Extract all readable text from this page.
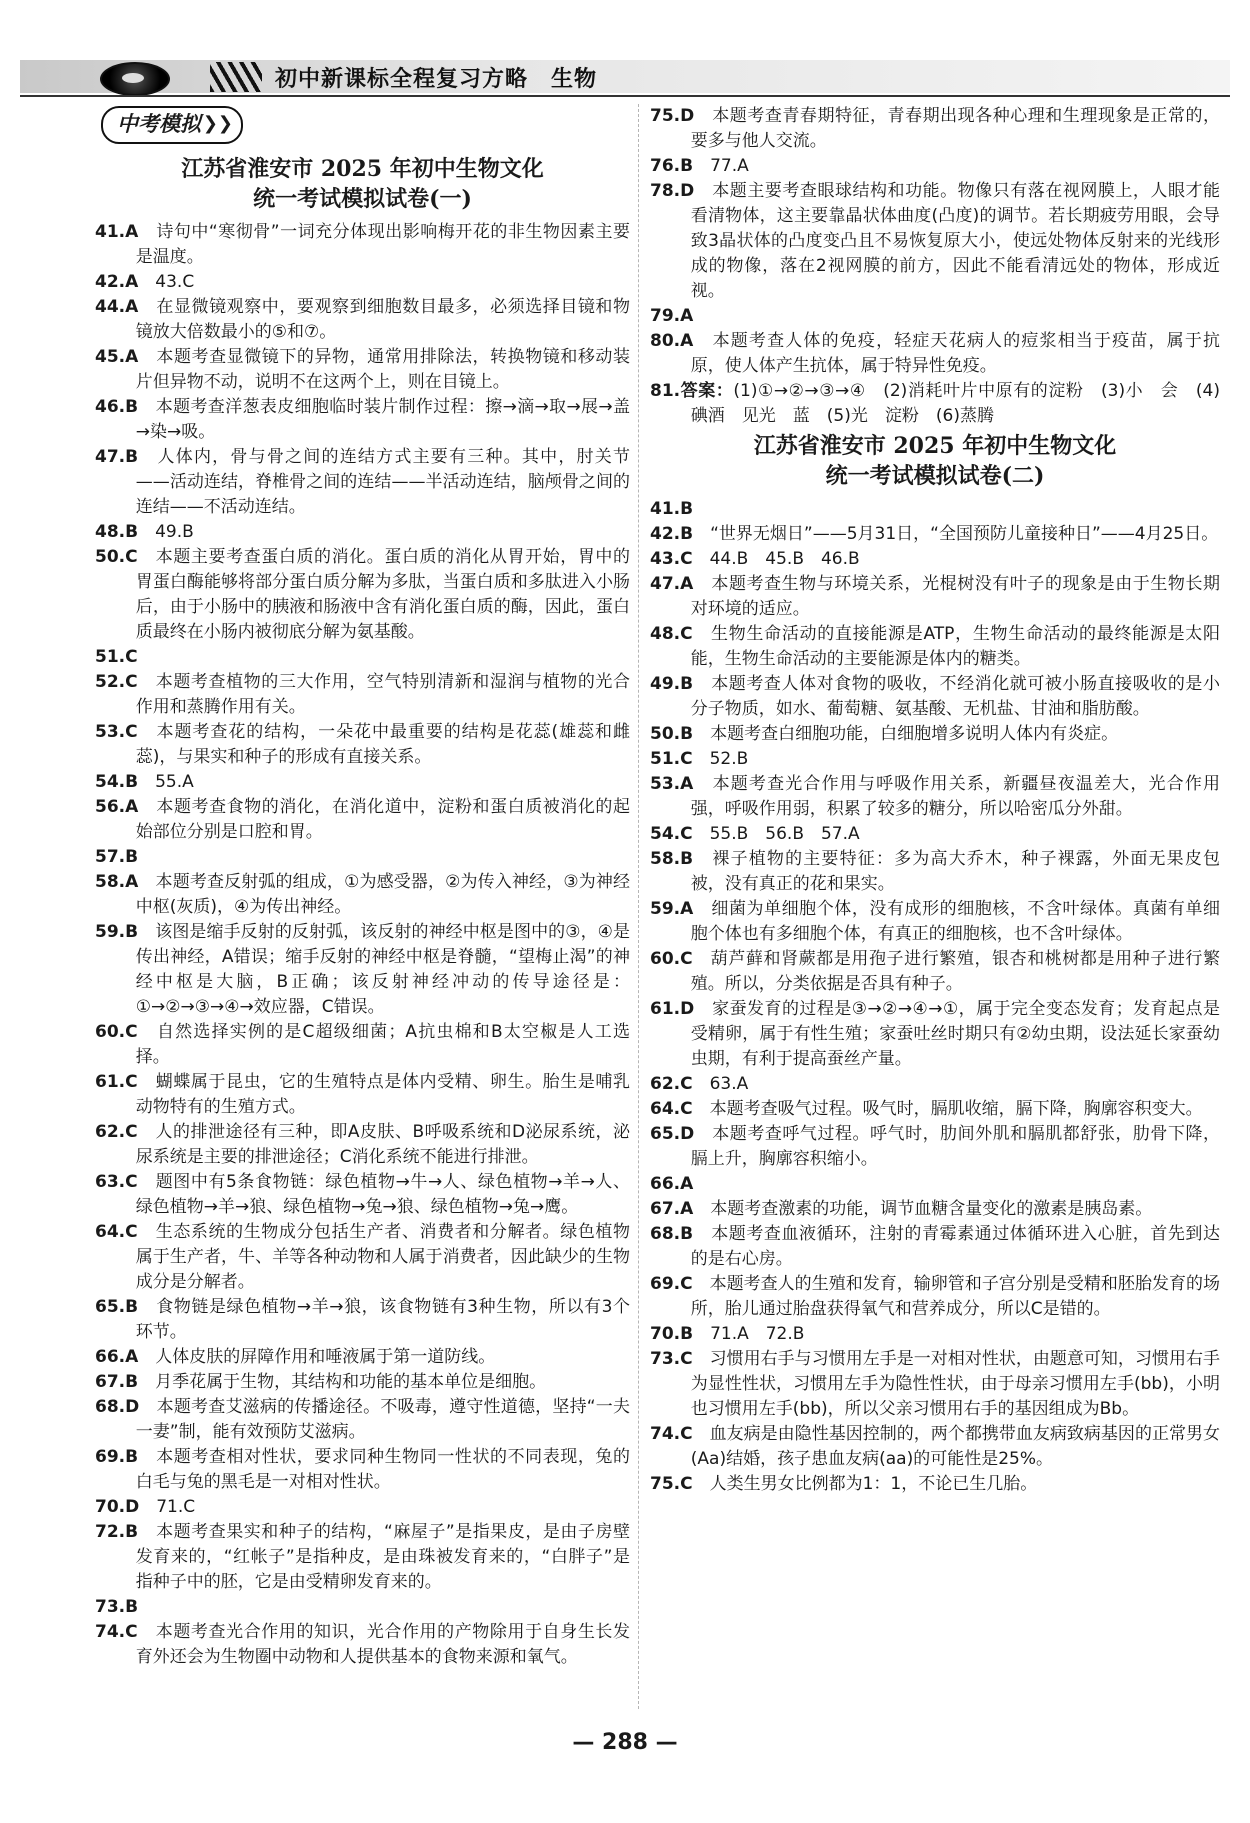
初中新课标全程复习方略　生物
中考模拟 ❯❯
江苏省淮安市 2025 年初中生物文化
统一考试模拟试卷(一)
41.A　诗句中“寒彻骨”一词充分体现出影响梅开花的非生物因素主要是温度。
42.A　43.C
44.A　在显微镜观察中，要观察到细胞数目最多，必须选择目镜和物镜放大倍数最小的⑤和⑦。
45.A　本题考查显微镜下的异物，通常用排除法，转换物镜和移动装片但异物不动，说明不在这两个上，则在目镜上。
46.B　本题考查洋葱表皮细胞临时装片制作过程：擦→滴→取→展→盖→染→吸。
47.B　人体内，骨与骨之间的连结方式主要有三种。其中，肘关节——活动连结，脊椎骨之间的连结——半活动连结，脑颅骨之间的连结——不活动连结。
48.B　49.B
50.C　本题主要考查蛋白质的消化。蛋白质的消化从胃开始，胃中的胃蛋白酶能够将部分蛋白质分解为多肽，当蛋白质和多肽进入小肠后，由于小肠中的胰液和肠液中含有消化蛋白质的酶，因此，蛋白质最终在小肠内被彻底分解为氨基酸。
51.C
52.C　本题考查植物的三大作用，空气特别清新和湿润与植物的光合作用和蒸腾作用有关。
53.C　本题考查花的结构，一朵花中最重要的结构是花蕊(雄蕊和雌蕊)，与果实和种子的形成有直接关系。
54.B　55.A
56.A　本题考查食物的消化，在消化道中，淀粉和蛋白质被消化的起始部位分别是口腔和胃。
57.B
58.A　本题考查反射弧的组成，①为感受器，②为传入神经，③为神经中枢(灰质)，④为传出神经。
59.B　该图是缩手反射的反射弧，该反射的神经中枢是图中的③，④是传出神经，A错误；缩手反射的神经中枢是脊髓，“望梅止渴”的神经中枢是大脑，B正确；该反射神经冲动的传导途径是：①→②→③→④→效应器，C错误。
60.C　自然选择实例的是C超级细菌；A抗虫棉和B太空椒是人工选择。
61.C　蝴蝶属于昆虫，它的生殖特点是体内受精、卵生。胎生是哺乳动物特有的生殖方式。
62.C　人的排泄途径有三种，即A皮肤、B呼吸系统和D泌尿系统，泌尿系统是主要的排泄途径；C消化系统不能进行排泄。
63.C　题图中有5条食物链：绿色植物→牛→人、绿色植物→羊→人、绿色植物→羊→狼、绿色植物→兔→狼、绿色植物→兔→鹰。
64.C　生态系统的生物成分包括生产者、消费者和分解者。绿色植物属于生产者，牛、羊等各种动物和人属于消费者，因此缺少的生物成分是分解者。
65.B　食物链是绿色植物→羊→狼，该食物链有3种生物，所以有3个环节。
66.A　人体皮肤的屏障作用和唾液属于第一道防线。
67.B　月季花属于生物，其结构和功能的基本单位是细胞。
68.D　本题考查艾滋病的传播途径。不吸毒，遵守性道德，坚持“一夫一妻”制，能有效预防艾滋病。
69.B　本题考查相对性状，要求同种生物同一性状的不同表现，兔的白毛与兔的黑毛是一对相对性状。
70.D　71.C
72.B　本题考查果实和种子的结构，“麻屋子”是指果皮，是由子房壁发育来的，“红帐子”是指种皮，是由珠被发育来的，“白胖子”是指种子中的胚，它是由受精卵发育来的。
73.B
74.C　本题考查光合作用的知识，光合作用的产物除用于自身生长发育外还会为生物圈中动物和人提供基本的食物来源和氧气。
75.D　本题考查青春期特征，青春期出现各种心理和生理现象是正常的，要多与他人交流。
76.B　77.A
78.D　本题主要考查眼球结构和功能。物像只有落在视网膜上，人眼才能看清物体，这主要靠晶状体曲度(凸度)的调节。若长期疲劳用眼，会导致3晶状体的凸度变凸且不易恢复原大小，使远处物体反射来的光线形成的物像，落在2视网膜的前方，因此不能看清远处的物体，形成近视。
79.A
80.A　本题考查人体的免疫，轻症天花病人的痘浆相当于疫苗，属于抗原，使人体产生抗体，属于特异性免疫。
81.答案：(1)①→②→③→④　(2)消耗叶片中原有的淀粉　(3)小　会　(4)碘酒　见光　蓝　(5)光　淀粉　(6)蒸腾
江苏省淮安市 2025 年初中生物文化
统一考试模拟试卷(二)
41.B
42.B　“世界无烟日”——5月31日，“全国预防儿童接种日”——4月25日。
43.C　44.B　45.B　46.B
47.A　本题考查生物与环境关系，光棍树没有叶子的现象是由于生物长期对环境的适应。
48.C　生物生命活动的直接能源是ATP，生物生命活动的最终能源是太阳能，生物生命活动的主要能源是体内的糖类。
49.B　本题考查人体对食物的吸收，不经消化就可被小肠直接吸收的是小分子物质，如水、葡萄糖、氨基酸、无机盐、甘油和脂肪酸。
50.B　本题考查白细胞功能，白细胞增多说明人体内有炎症。
51.C　52.B
53.A　本题考查光合作用与呼吸作用关系，新疆昼夜温差大，光合作用强，呼吸作用弱，积累了较多的糖分，所以哈密瓜分外甜。
54.C　55.B　56.B　57.A
58.B　裸子植物的主要特征：多为高大乔木，种子裸露，外面无果皮包被，没有真正的花和果实。
59.A　细菌为单细胞个体，没有成形的细胞核，不含叶绿体。真菌有单细胞个体也有多细胞个体，有真正的细胞核，也不含叶绿体。
60.C　葫芦藓和肾蕨都是用孢子进行繁殖，银杏和桃树都是用种子进行繁殖。所以，分类依据是否具有种子。
61.D　家蚕发育的过程是③→②→④→①，属于完全变态发育；发育起点是受精卵，属于有性生殖；家蚕吐丝时期只有②幼虫期，设法延长家蚕幼虫期，有利于提高蚕丝产量。
62.C　63.A
64.C　本题考查吸气过程。吸气时，膈肌收缩，膈下降，胸廓容积变大。
65.D　本题考查呼气过程。呼气时，肋间外肌和膈肌都舒张，肋骨下降，膈上升，胸廓容积缩小。
66.A
67.A　本题考查激素的功能，调节血糖含量变化的激素是胰岛素。
68.B　本题考查血液循环，注射的青霉素通过体循环进入心脏，首先到达的是右心房。
69.C　本题考查人的生殖和发育，输卵管和子宫分别是受精和胚胎发育的场所，胎儿通过胎盘获得氧气和营养成分，所以C是错的。
70.B　71.A　72.B
73.C　习惯用右手与习惯用左手是一对相对性状，由题意可知，习惯用右手为显性性状，习惯用左手为隐性性状，由于母亲习惯用左手(bb)，小明也习惯用左手(bb)，所以父亲习惯用右手的基因组成为Bb。
74.C　血友病是由隐性基因控制的，两个都携带血友病致病基因的正常男女(Aa)结婚，孩子患血友病(aa)的可能性是25%。
75.C　人类生男女比例都为1：1，不论已生几胎。
— 288 —
